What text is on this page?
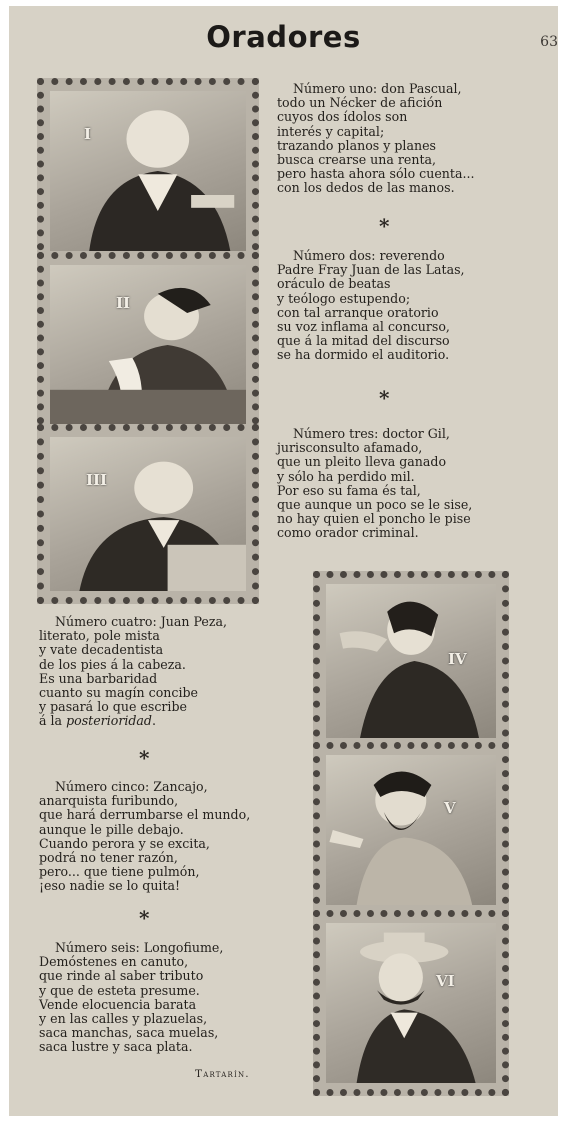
Oradores	63
I
II
III
IV
V
VI
Número uno: don Pascual,
todo un Nécker de afición
cuyos dos ídolos son
interés y capital;
trazando planos y planes
busca crearse una renta,
pero hasta ahora sólo cuenta...
con los dedos de las manos.
*
Número dos: reverendo
Padre Fray Juan de las Latas,
oráculo de beatas
y teólogo estupendo;
con tal arranque oratorio
su voz inflama al concurso,
que á la mitad del discurso
se ha dormido el auditorio.
*
Número tres: doctor Gil,
jurisconsulto afamado,
que un pleito lleva ganado
y sólo ha perdido mil.
Por eso su fama és tal,
que aunque un poco se le sise,
no hay quien el poncho le pise
como orador criminal.
Número cuatro: Juan Peza,
literato, pole mista
y vate decadentista
de los pies á la cabeza.
Es una barbaridad
cuanto su magín concibe
y pasará lo que escribe
á la posterioridad.
*
Número cinco: Zancajo,
anarquista furibundo,
que hará derrumbarse el mundo,
aunque le pille debajo.
Cuando perora y se excita,
podrá no tener razón,
pero... que tiene pulmón,
¡eso nadie se lo quita!
*
Número seis: Longofiume,
Demóstenes en canuto,
que rinde al saber tributo
y que de esteta presume.
Vende elocuencia barata
y en las calles y plazuelas,
saca manchas, saca muelas,
saca lustre y saca plata.
Tartarín.
